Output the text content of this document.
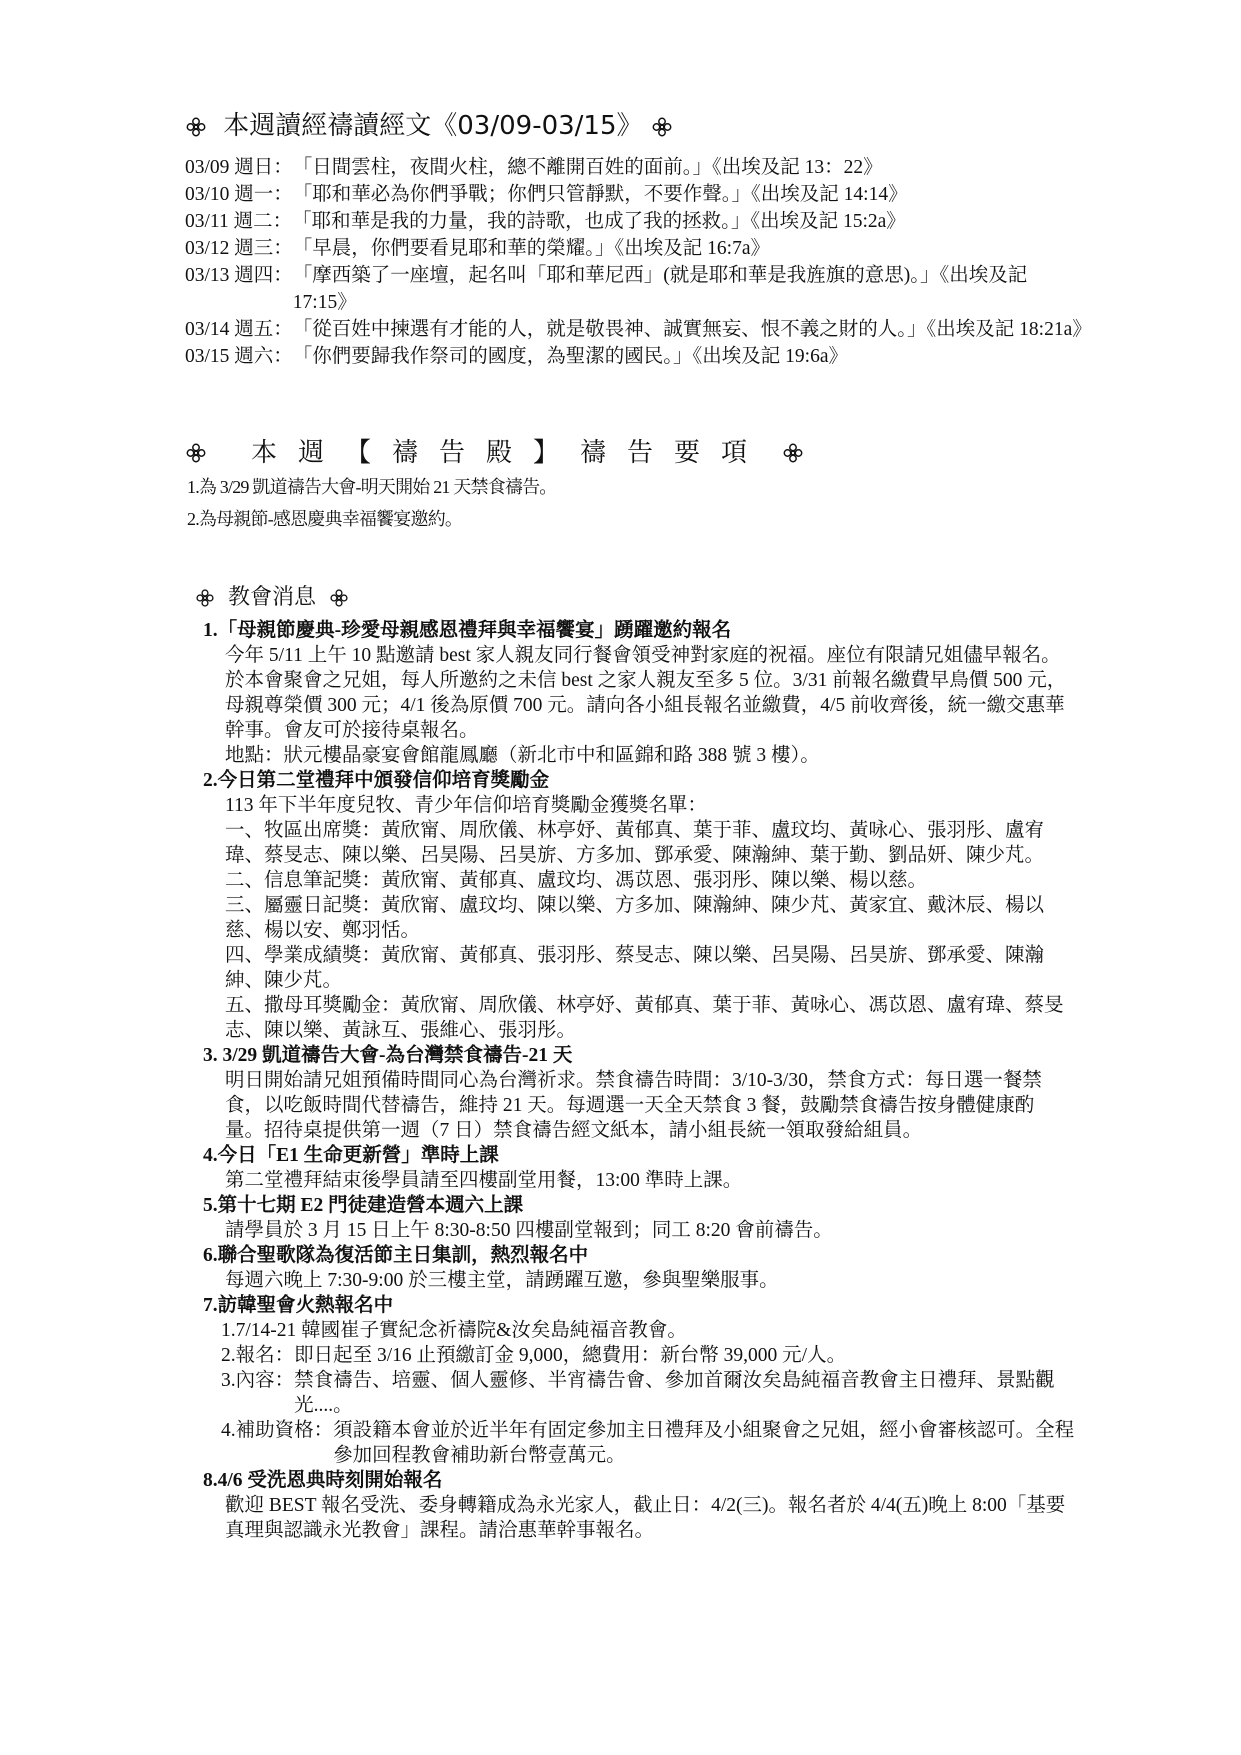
本週讀經禱讀經文《03/09-03/15》
03/09 週日： 「日間雲柱，夜間火柱，總不離開百姓的面前。」《出埃及記 13：22》
03/10 週一： 「耶和華必為你們爭戰；你們只管靜默，不要作聲。」《出埃及記 14:14》
03/11 週二： 「耶和華是我的力量，我的詩歌，也成了我的拯救。」《出埃及記 15:2a》
03/12 週三： 「早晨，你們要看見耶和華的榮耀。」《出埃及記 16:7a》
03/13 週四： 「摩西築了一座壇，起名叫「耶和華尼西」(就是耶和華是我旌旗的意思)。」《出埃及記 17:15》
03/14 週五： 「從百姓中揀選有才能的人，就是敬畏神、誠實無妄、恨不義之財的人。」《出埃及記 18:21a》
03/15 週六： 「你們要歸我作祭司的國度，為聖潔的國民。」《出埃及記 19:6a》
本週【禱告殿】禱告要項
1.為 3/29 凱道禱告大會-明天開始 21 天禁食禱告。
2.為母親節-感恩慶典幸福饗宴邀約。
教會消息
1.「母親節慶典-珍愛母親感恩禮拜與幸福饗宴」踴躍邀約報名
今年 5/11 上午 10 點邀請 best 家人親友同行餐會領受神對家庭的祝福。座位有限請兄姐儘早報名。於本會聚會之兄姐，每人所邀約之未信 best 之家人親友至多 5 位。3/31 前報名繳費早鳥價 500 元，母親尊榮價 300 元；4/1 後為原價 700 元。請向各小組長報名並繳費，4/5 前收齊後，統一繳交惠華幹事。會友可於接待桌報名。
地點：狀元樓晶豪宴會館龍鳳廳（新北市中和區錦和路 388 號 3 樓）。
2.今日第二堂禮拜中頒發信仰培育獎勵金
113 年下半年度兒牧、青少年信仰培育獎勵金獲獎名單：
一、牧區出席獎：黃欣甯、周欣儀、林亭妤、黃郁真、葉于菲、盧玟均、黃咏心、張羽彤、盧宥瑋、蔡旻志、陳以樂、呂昊陽、呂昊旂、方多加、鄧承愛、陳瀚紳、葉于勤、劉品妍、陳少芃。
二、信息筆記獎：黃欣甯、黃郁真、盧玟均、馮苡恩、張羽彤、陳以樂、楊以慈。
三、屬靈日記獎：黃欣甯、盧玟均、陳以樂、方多加、陳瀚紳、陳少芃、黃家宜、戴沐辰、楊以慈、楊以安、鄭羽恬。
四、學業成績獎：黃欣甯、黃郁真、張羽彤、蔡旻志、陳以樂、呂昊陽、呂昊旂、鄧承愛、陳瀚紳、陳少芃。
五、撒母耳獎勵金：黃欣甯、周欣儀、林亭妤、黃郁真、葉于菲、黃咏心、馮苡恩、盧宥瑋、蔡旻志、陳以樂、黃詠互、張維心、張羽彤。
3. 3/29 凱道禱告大會-為台灣禁食禱告-21 天
明日開始請兄姐預備時間同心為台灣祈求。禁食禱告時間：3/10-3/30，禁食方式：每日選一餐禁食，以吃飯時間代替禱告，維持 21 天。每週選一天全天禁食 3 餐，鼓勵禁食禱告按身體健康酌量。招待桌提供第一週（7 日）禁食禱告經文紙本，請小組長統一領取發給組員。
4.今日「E1 生命更新營」準時上課
第二堂禮拜結束後學員請至四樓副堂用餐，13:00 準時上課。
5.第十七期 E2 門徒建造營本週六上課
請學員於 3 月 15 日上午 8:30-8:50 四樓副堂報到；同工 8:20 會前禱告。
6.聯合聖歌隊為復活節主日集訓，熱烈報名中
每週六晚上 7:30-9:00 於三樓主堂，請踴躍互邀，參與聖樂服事。
7.訪韓聖會火熱報名中
1. 7/14-21 韓國崔子實紀念祈禱院&汝矣島純福音教會。
2.報名： 即日起至 3/16 止預繳訂金 9,000，總費用：新台幣 39,000 元/人。
3.內容： 禁食禱告、培靈、個人靈修、半宵禱告會、參加首爾汝矣島純福音教會主日禮拜、景點觀光....。
4.補助資格： 須設籍本會並於近半年有固定參加主日禮拜及小組聚會之兄姐，經小會審核認可。全程參加回程教會補助新台幣壹萬元。
8.4/6 受洗恩典時刻開始報名
歡迎 BEST 報名受洗、委身轉籍成為永光家人，截止日：4/2(三)。報名者於 4/4(五)晚上 8:00「基要真理與認識永光教會」課程。請洽惠華幹事報名。
